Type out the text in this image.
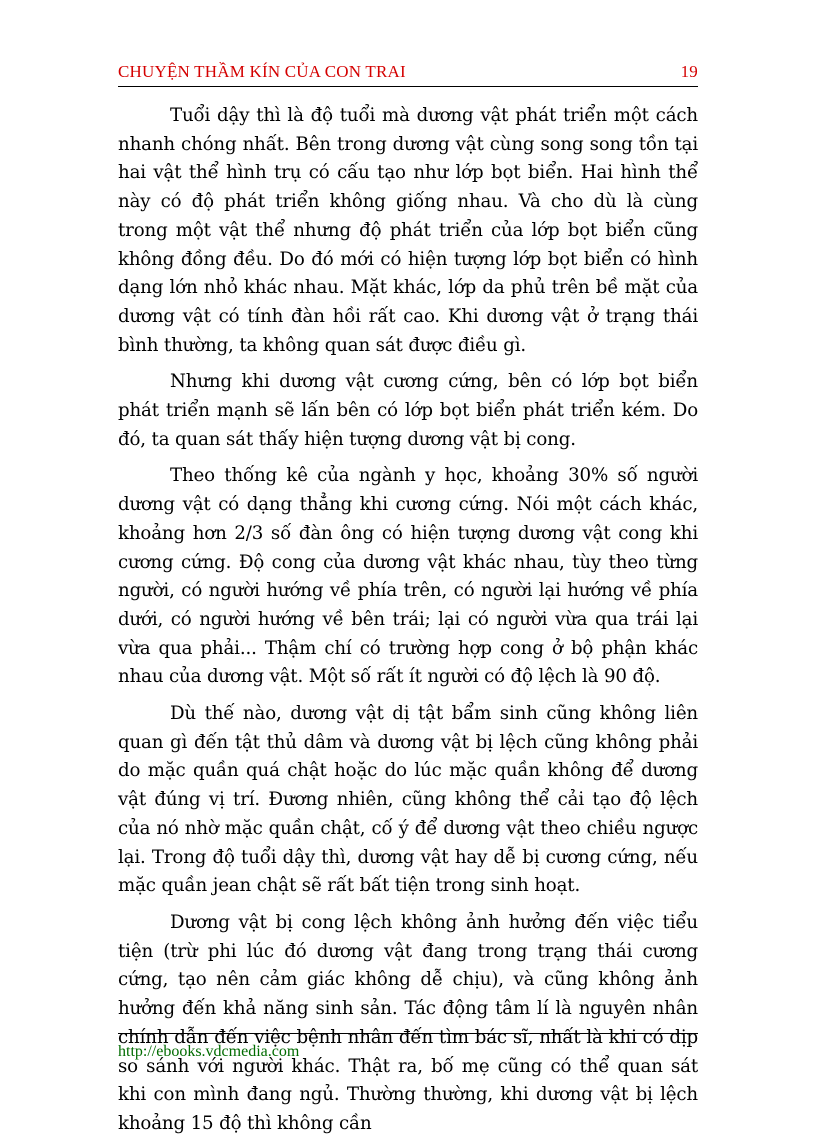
CHUYỆN THẦM KÍN CỦA CON TRAI	19

Tuổi dậy thì là độ tuổi mà dương vật phát triển một cách nhanh chóng nhất. Bên trong dương vật cùng song song tồn tại hai vật thể hình trụ có cấu tạo như lớp bọt biển. Hai hình thể này có độ phát triển không giống nhau. Và cho dù là cùng trong một vật thể nhưng độ phát triển của lớp bọt biển cũng không đồng đều. Do đó mới có hiện tượng lớp bọt biển có hình dạng lớn nhỏ khác nhau. Mặt khác, lớp da phủ trên bề mặt của dương vật có tính đàn hồi rất cao. Khi dương vật ở trạng thái bình thường, ta không quan sát được điều gì.

Nhưng khi dương vật cương cứng, bên có lớp bọt biển phát triển mạnh sẽ lấn bên có lớp bọt biển phát triển kém. Do đó, ta quan sát thấy hiện tượng dương vật bị cong.

Theo thống kê của ngành y học, khoảng 30% số người dương vật có dạng thẳng khi cương cứng. Nói một cách khác, khoảng hơn 2/3 số đàn ông có hiện tượng dương vật cong khi cương cứng. Độ cong của dương vật khác nhau, tùy theo từng người, có người hướng về phía trên, có người lại hướng về phía dưới, có người hướng về bên trái; lại có người vừa qua trái lại vừa qua phải... Thậm chí có trường hợp cong ở bộ phận khác nhau của dương vật. Một số rất ít người có độ lệch là 90 độ.

Dù thế nào, dương vật dị tật bẩm sinh cũng không liên quan gì đến tật thủ dâm và dương vật bị lệch cũng không phải do mặc quần quá chật hoặc do lúc mặc quần không để dương vật đúng vị trí. Đương nhiên, cũng không thể cải tạo độ lệch của nó nhờ mặc quần chật, cố ý để dương vật theo chiều ngược lại. Trong độ tuổi dậy thì, dương vật hay dễ bị cương cứng, nếu mặc quần jean chật sẽ rất bất tiện trong sinh hoạt.

Dương vật bị cong lệch không ảnh hưởng đến việc tiểu tiện (trừ phi lúc đó dương vật đang trong trạng thái cương cứng, tạo nên cảm giác không dễ chịu), và cũng không ảnh hưởng đến khả năng sinh sản. Tác động tâm lí là nguyên nhân chính dẫn đến việc bệnh nhân đến tìm bác sĩ, nhất là khi có dịp so sánh với người khác. Thật ra, bố mẹ cũng có thể quan sát khi con mình đang ngủ. Thường thường, khi dương vật bị lệch khoảng 15 độ thì không cần

http://ebooks.vdcmedia.com
